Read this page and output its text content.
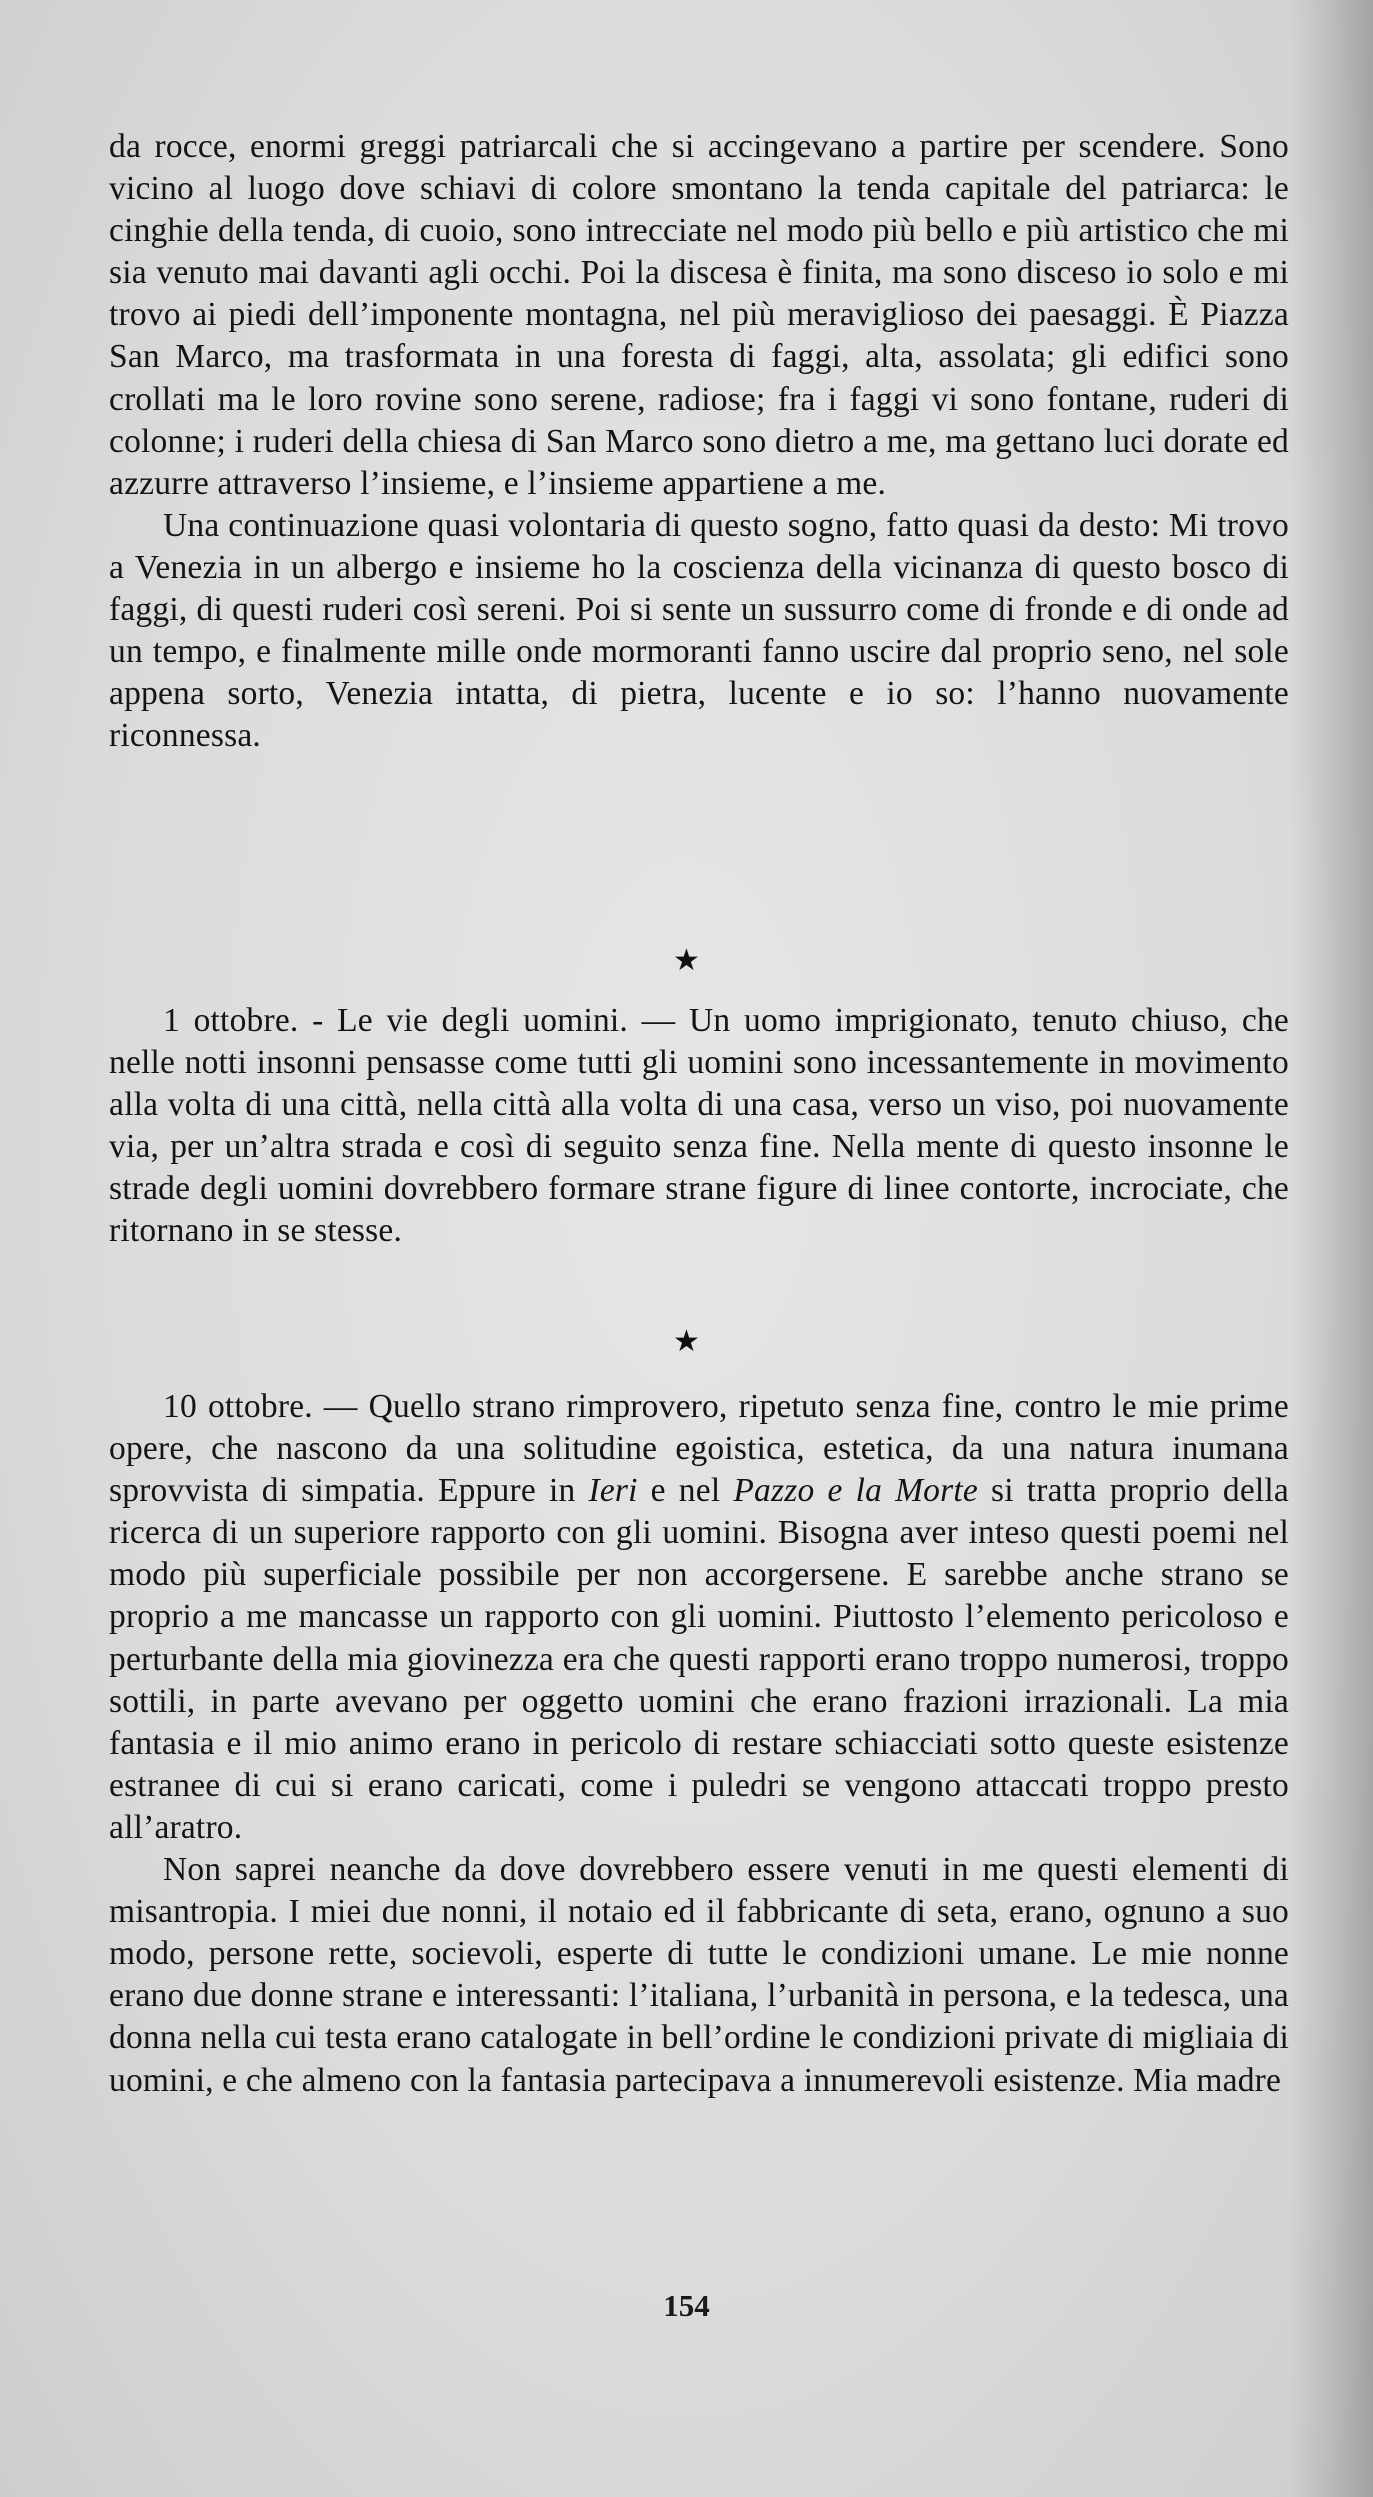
da rocce, enormi greggi patriarcali che si accingevano a partire per scendere. Sono vicino al luogo dove schiavi di colore smontano la tenda capitale del patriarca: le cinghie della tenda, di cuoio, sono intrecciate nel modo più bello e più artistico che mi sia venuto mai davanti agli occhi. Poi la discesa è finita, ma sono disceso io solo e mi trovo ai piedi dell’imponente montagna, nel più meraviglioso dei paesaggi. È Piazza San Marco, ma trasformata in una foresta di faggi, alta, assolata; gli edifici sono crollati ma le loro rovine sono serene, radiose; fra i faggi vi sono fontane, ruderi di colonne; i ruderi della chiesa di San Marco sono dietro a me, ma gettano luci dorate ed azzurre attraverso l’insieme, e l’insieme appartiene a me.

Una continuazione quasi volontaria di questo sogno, fatto quasi da desto: Mi trovo a Venezia in un albergo e insieme ho la coscienza della vicinanza di questo bosco di faggi, di questi ruderi così sereni. Poi si sente un sussurro come di fronde e di onde ad un tempo, e finalmente mille onde mormoranti fanno uscire dal proprio seno, nel sole appena sorto, Venezia intatta, di pietra, lucente e io so: l’hanno nuovamente riconnessa.

★

1 ottobre. - Le vie degli uomini. — Un uomo imprigionato, tenuto chiuso, che nelle notti insonni pensasse come tutti gli uomini sono incessantemente in movimento alla volta di una città, nella città alla volta di una casa, verso un viso, poi nuovamente via, per un’altra strada e così di seguito senza fine. Nella mente di questo insonne le strade degli uomini dovrebbero formare strane figure di linee contorte, incrociate, che ritornano in se stesse.

★

10 ottobre. — Quello strano rimprovero, ripetuto senza fine, contro le mie prime opere, che nascono da una solitudine egoistica, estetica, da una natura inumana sprovvista di simpatia. Eppure in Ieri e nel Pazzo e la Morte si tratta proprio della ricerca di un superiore rapporto con gli uomini. Bisogna aver inteso questi poemi nel modo più superficiale possibile per non accorgersene. E sarebbe anche strano se proprio a me mancasse un rapporto con gli uomini. Piuttosto l’elemento pericoloso e perturbante della mia giovinezza era che questi rapporti erano troppo numerosi, troppo sottili, in parte avevano per oggetto uomini che erano frazioni irrazionali. La mia fantasia e il mio animo erano in pericolo di restare schiacciati sotto queste esistenze estranee di cui si erano caricati, come i puledri se vengono attaccati troppo presto all’aratro.

Non saprei neanche da dove dovrebbero essere venuti in me questi elementi di misantropia. I miei due nonni, il notaio ed il fabbricante di seta, erano, ognuno a suo modo, persone rette, socievoli, esperte di tutte le condizioni umane. Le mie nonne erano due donne strane e interessanti: l’italiana, l’urbanità in persona, e la tedesca, una donna nella cui testa erano catalogate in bell’ordine le condizioni private di migliaia di uomini, e che almeno con la fantasia partecipava a innumerevoli esistenze. Mia madre

154
